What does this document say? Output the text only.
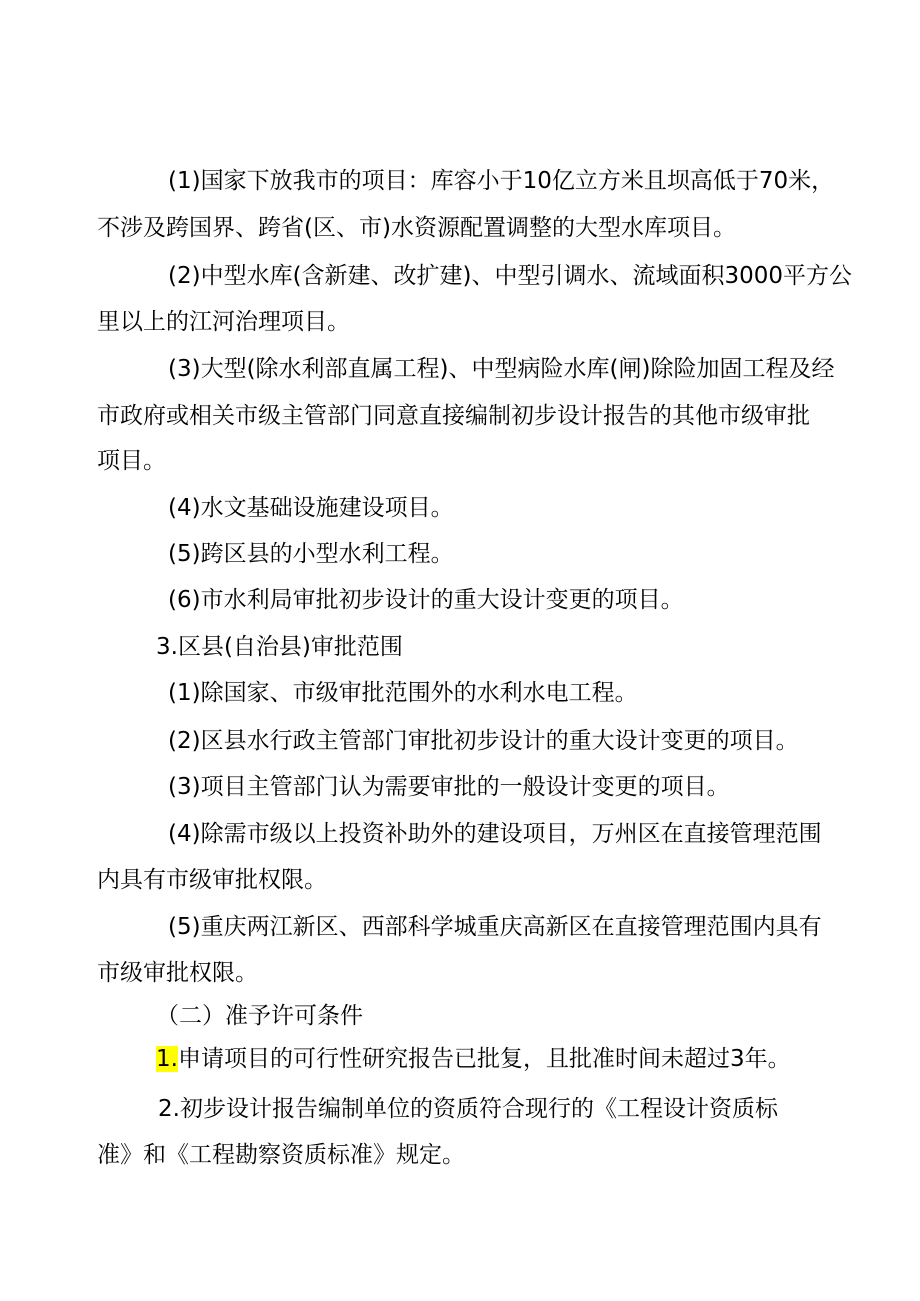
(1)国家下放我市的项目：库容小于10亿立方米且坝高低于70米，
不涉及跨国界、跨省(区、市)水资源配置调整的大型水库项目。
(2)中型水库(含新建、改扩建)、中型引调水、流域面积3000平方公
里以上的江河治理项目。
(3)大型(除水利部直属工程)、中型病险水库(闸)除险加固工程及经
市政府或相关市级主管部门同意直接编制初步设计报告的其他市级审批
项目。
(4)水文基础设施建设项目。
(5)跨区县的小型水利工程。
(6)市水利局审批初步设计的重大设计变更的项目。
3.区县(自治县)审批范围
(1)除国家、市级审批范围外的水利水电工程。
(2)区县水行政主管部门审批初步设计的重大设计变更的项目。
(3)项目主管部门认为需要审批的一般设计变更的项目。
(4)除需市级以上投资补助外的建设项目，万州区在直接管理范围
内具有市级审批权限。
(5)重庆两江新区、西部科学城重庆高新区在直接管理范围内具有
市级审批权限。
（二）准予许可条件
1.申请项目的可行性研究报告已批复，且批准时间未超过3年。
2.初步设计报告编制单位的资质符合现行的《工程设计资质标
准》和《工程勘察资质标准》规定。
